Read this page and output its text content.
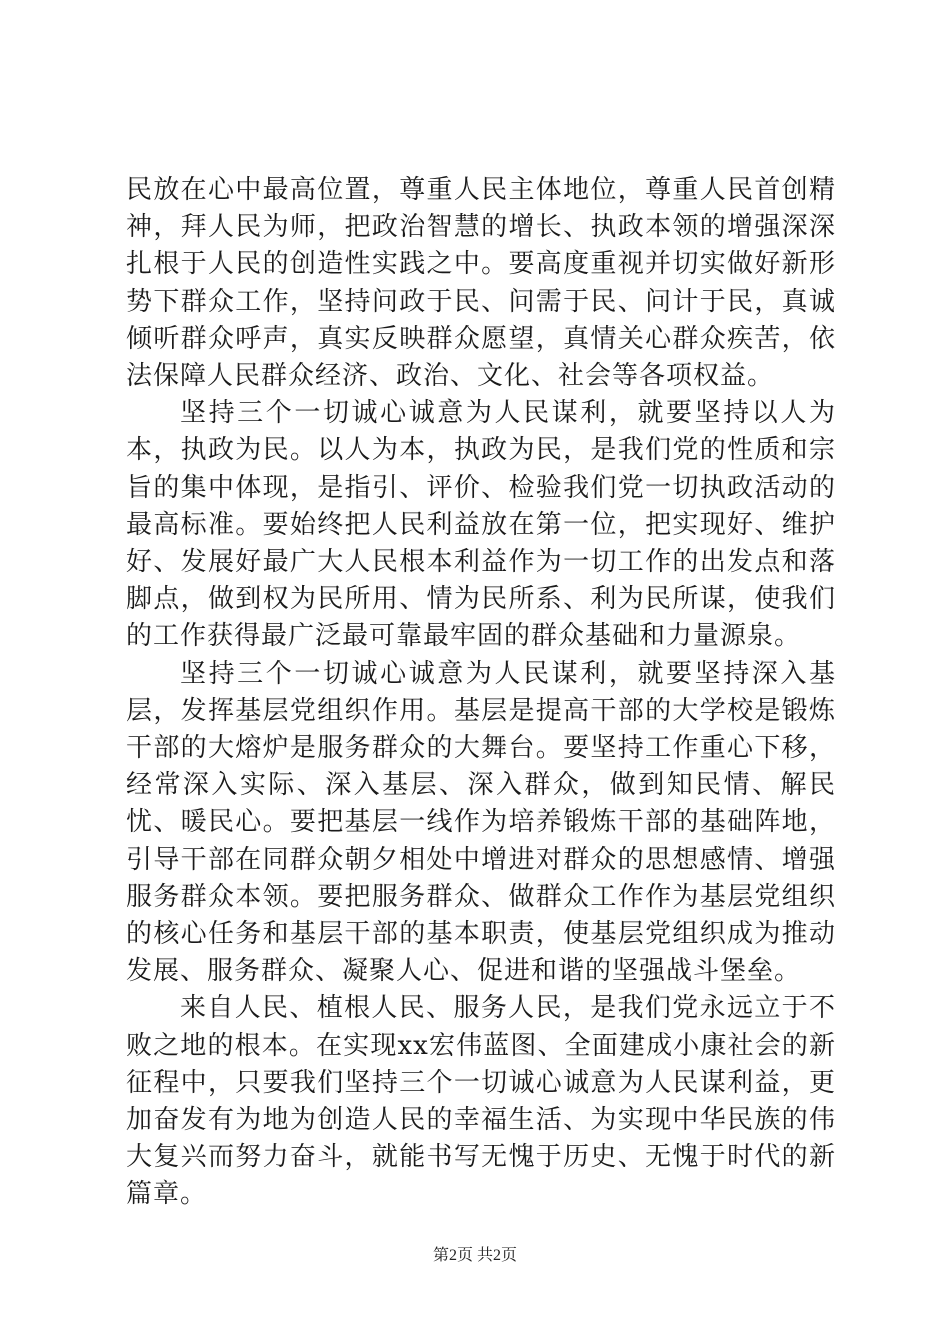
民放在心中最高位置，尊重人民主体地位，尊重人民首创精神，拜人民为师，把政治智慧的增长、执政本领的增强深深扎根于人民的创造性实践之中。要高度重视并切实做好新形势下群众工作，坚持问政于民、问需于民、问计于民，真诚倾听群众呼声，真实反映群众愿望，真情关心群众疾苦，依法保障人民群众经济、政治、文化、社会等各项权益。

坚持三个一切诚心诚意为人民谋利，就要坚持以人为本，执政为民。以人为本，执政为民，是我们党的性质和宗旨的集中体现，是指引、评价、检验我们党一切执政活动的最高标准。要始终把人民利益放在第一位，把实现好、维护好、发展好最广大人民根本利益作为一切工作的出发点和落脚点，做到权为民所用、情为民所系、利为民所谋，使我们的工作获得最广泛最可靠最牢固的群众基础和力量源泉。

坚持三个一切诚心诚意为人民谋利，就要坚持深入基层，发挥基层党组织作用。基层是提高干部的大学校是锻炼干部的大熔炉是服务群众的大舞台。要坚持工作重心下移，经常深入实际、深入基层、深入群众，做到知民情、解民忧、暖民心。要把基层一线作为培养锻炼干部的基础阵地，引导干部在同群众朝夕相处中增进对群众的思想感情、增强服务群众本领。要把服务群众、做群众工作作为基层党组织的核心任务和基层干部的基本职责，使基层党组织成为推动发展、服务群众、凝聚人心、促进和谐的坚强战斗堡垒。

来自人民、植根人民、服务人民，是我们党永远立于不败之地的根本。在实现xx宏伟蓝图、全面建成小康社会的新征程中，只要我们坚持三个一切诚心诚意为人民谋利益，更加奋发有为地为创造人民的幸福生活、为实现中华民族的伟大复兴而努力奋斗，就能书写无愧于历史、无愧于时代的新篇章。

第2页 共2页
